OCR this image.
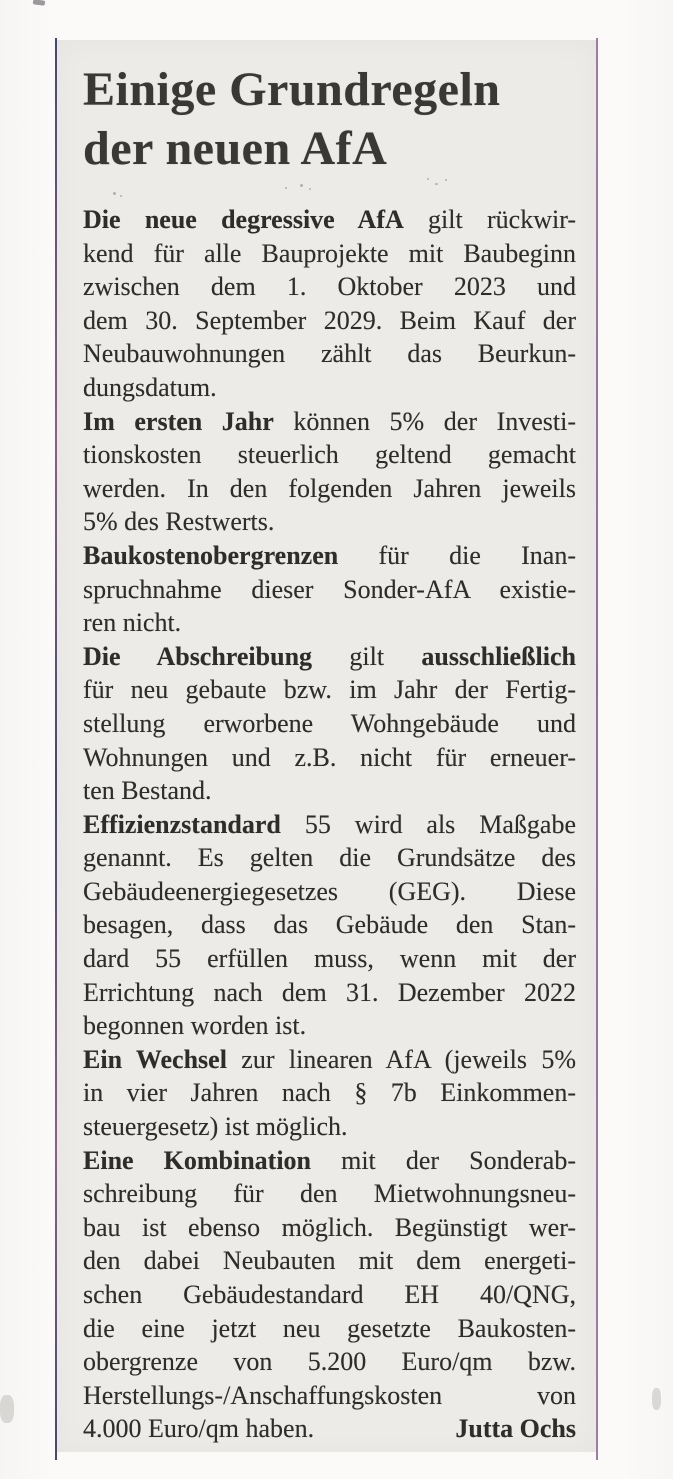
Einige Grundregeln
der neuen AfA
Die neue degressive AfA gilt rückwir-
kend für alle Bauprojekte mit Baubeginn
zwischen dem 1. Oktober 2023 und
dem 30. September 2029. Beim Kauf der
Neubauwohnungen zählt das Beurkun-
dungsdatum.
Im ersten Jahr können 5% der Investi-
tionskosten steuerlich geltend gemacht
werden. In den folgenden Jahren jeweils
5% des Restwerts.
Baukostenobergrenzen für die Inan-
spruchnahme dieser Sonder-AfA existie-
ren nicht.
Die Abschreibung gilt ausschließlich
für neu gebaute bzw. im Jahr der Fertig-
stellung erworbene Wohngebäude und
Wohnungen und z.B. nicht für erneuer-
ten Bestand.
Effizienzstandard 55 wird als Maßgabe
genannt. Es gelten die Grundsätze des
Gebäudeenergiegesetzes (GEG). Diese
besagen, dass das Gebäude den Stan-
dard 55 erfüllen muss, wenn mit der
Errichtung nach dem 31. Dezember 2022
begonnen worden ist.
Ein Wechsel zur linearen AfA (jeweils 5%
in vier Jahren nach § 7b Einkommen-
steuergesetz) ist möglich.
Eine Kombination mit der Sonderab-
schreibung für den Mietwohnungsneu-
bau ist ebenso möglich. Begünstigt wer-
den dabei Neubauten mit dem energeti-
schen Gebäudestandard EH 40/QNG,
die eine jetzt neu gesetzte Baukosten-
obergrenze von 5.200 Euro/qm bzw.
Herstellungs-/Anschaffungskosten von
4.000 Euro/qm haben.	Jutta Ochs
